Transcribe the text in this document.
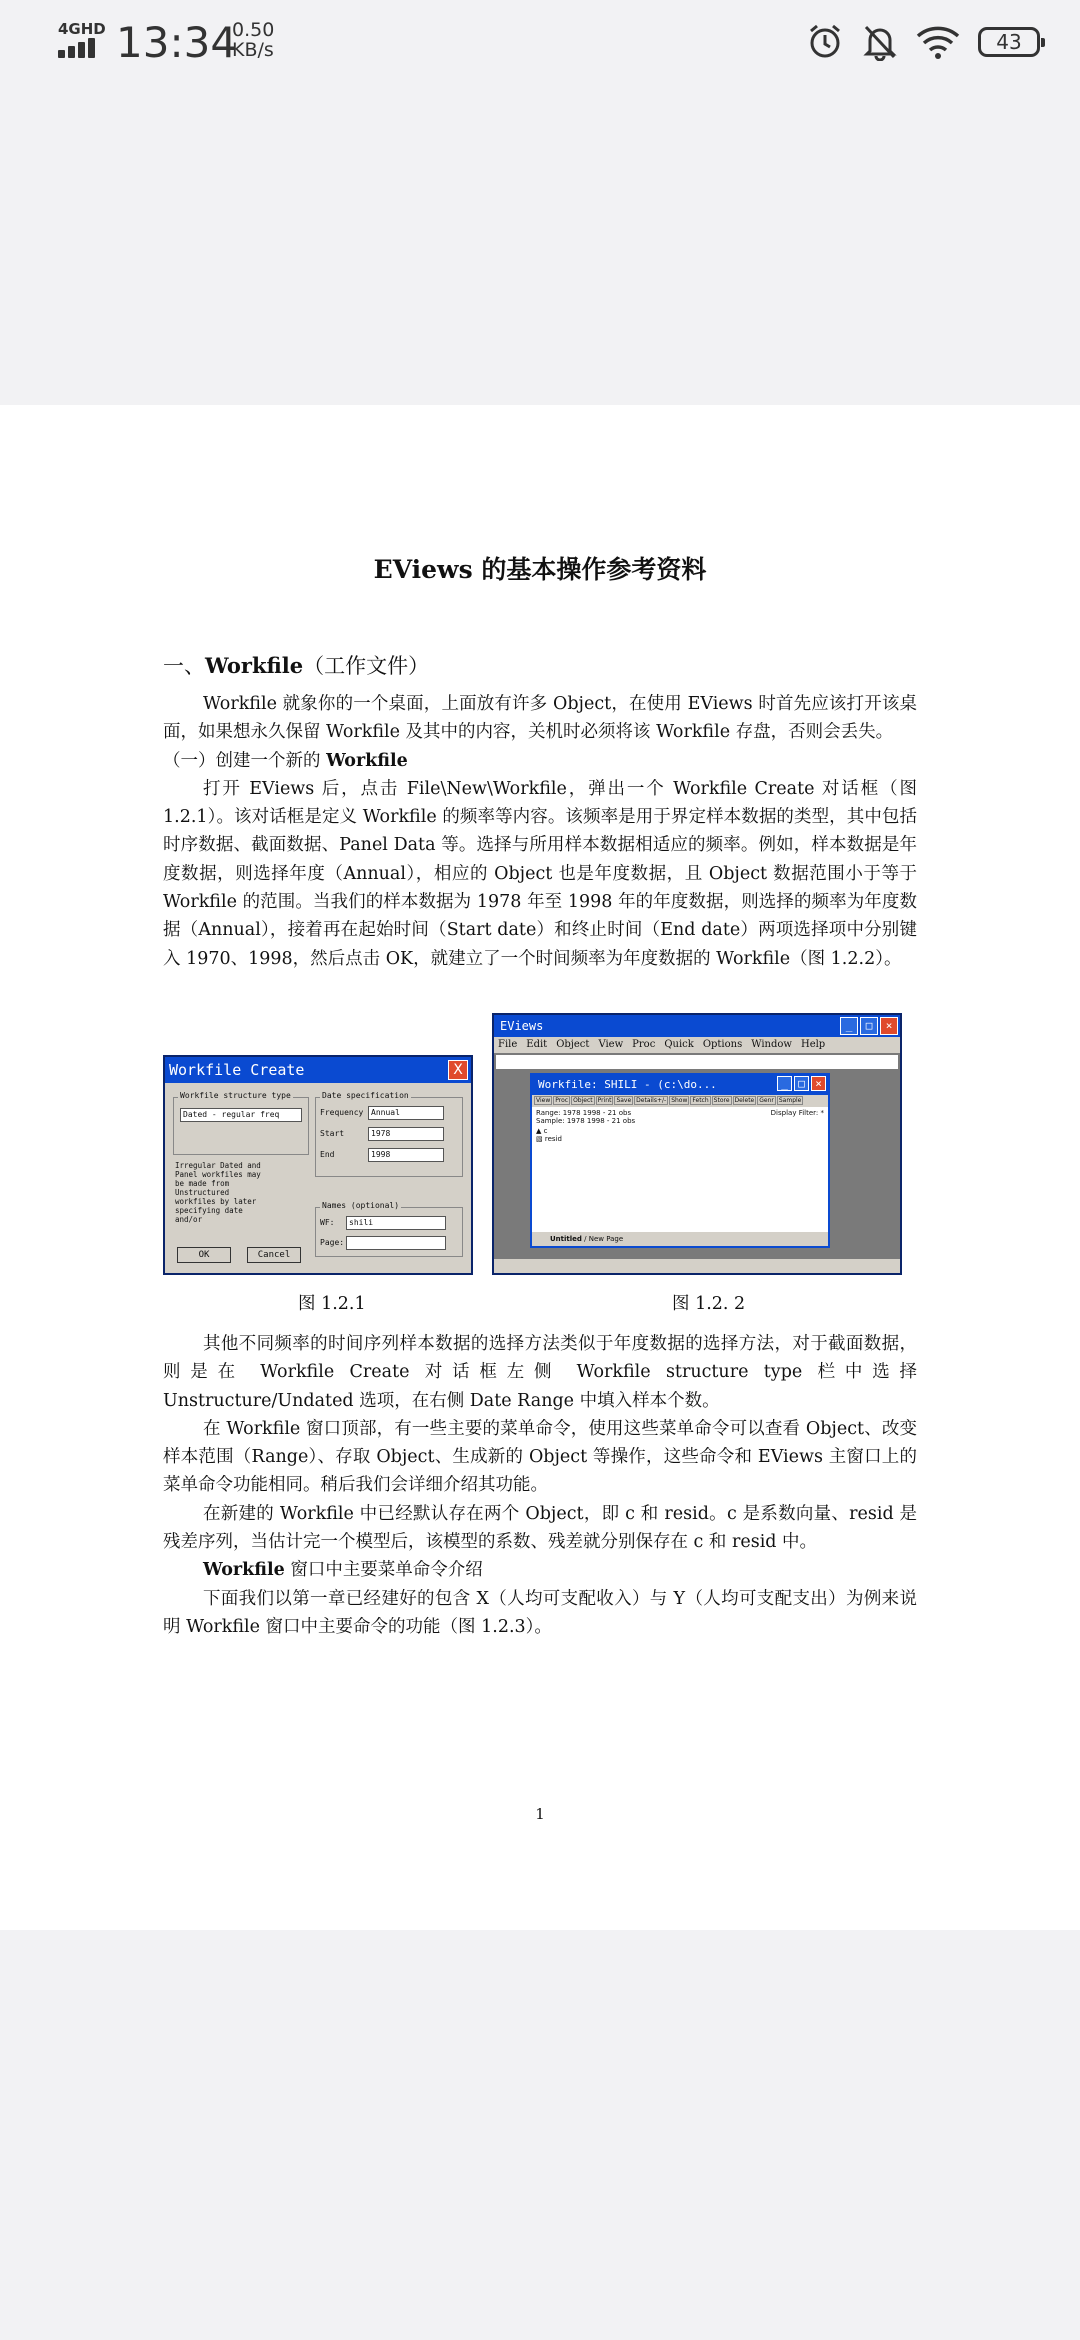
4GHD 13:34
0.50
KB/s	43
EViews 的基本操作参考资料
一、Workfile（工作文件）
Workfile 就象你的一个桌面，上面放有许多 Object，在使用 EViews 时首先应该打开该桌面，如果想永久保留 Workfile 及其中的内容，关机时必须将该 Workfile 存盘，否则会丢失。
（一）创建一个新的 Workfile
打开 EViews 后，点击 File\New\Workfile，弹出一个 Workfile Create 对话框（图 1.2.1）。该对话框是定义 Workfile 的频率等内容。该频率是用于界定样本数据的类型，其中包括时序数据、截面数据、Panel Data 等。选择与所用样本数据相适应的频率。例如，样本数据是年度数据，则选择年度（Annual），相应的 Object 也是年度数据，且 Object 数据范围小于等于 Workfile 的范围。当我们的样本数据为 1978 年至 1998 年的年度数据，则选择的频率为年度数据（Annual），接着再在起始时间（Start date）和终止时间（End date）两项选择项中分别键入 1970、1998，然后点击 OK，就建立了一个时间频率为年度数据的 Workfile（图 1.2.2）。
Workfile Create	X
Workfile structure type
Dated - regular freq
Irregular Dated and Panel workfiles may be made from Unstructured workfiles by later specifying date and/or
Date specification
Frequency Annual
Start	1978
End	1998
Names (optional)
WF:	shili
Page:
OK	Cancel
EViews	_	□	×
File Edit Object View Proc Quick Options Window Help
Workfile: SHILI - (c:\do...	_ □ ×
View Proc Object Print Save Details+/- Show Fetch Store Delete Genr Sample
Range: 1978 1998 - 21 obs
Sample: 1978 1998 - 21 obs
Display Filter: *
▲ c
▧ resid
Untitled / New Page
图 1.2.1	图 1.2. 2
其他不同频率的时间序列样本数据的选择方法类似于年度数据的选择方法，对于截面数据，则是在 Workfile Create 对话框左侧 Workfile structure type 栏中选择 Unstructure/Undated 选项，在右侧 Date Range 中填入样本个数。
在 Workfile 窗口顶部，有一些主要的菜单命令，使用这些菜单命令可以查看 Object、改变样本范围（Range）、存取 Object、生成新的 Object 等操作，这些命令和 EViews 主窗口上的菜单命令功能相同。稍后我们会详细介绍其功能。
在新建的 Workfile 中已经默认存在两个 Object，即 c 和 resid。c 是系数向量、resid 是残差序列，当估计完一个模型后，该模型的系数、残差就分别保存在 c 和 resid 中。
Workfile 窗口中主要菜单命令介绍
下面我们以第一章已经建好的包含 X（人均可支配收入）与 Y（人均可支配支出）为例来说明 Workfile 窗口中主要命令的功能（图 1.2.3）。
1
